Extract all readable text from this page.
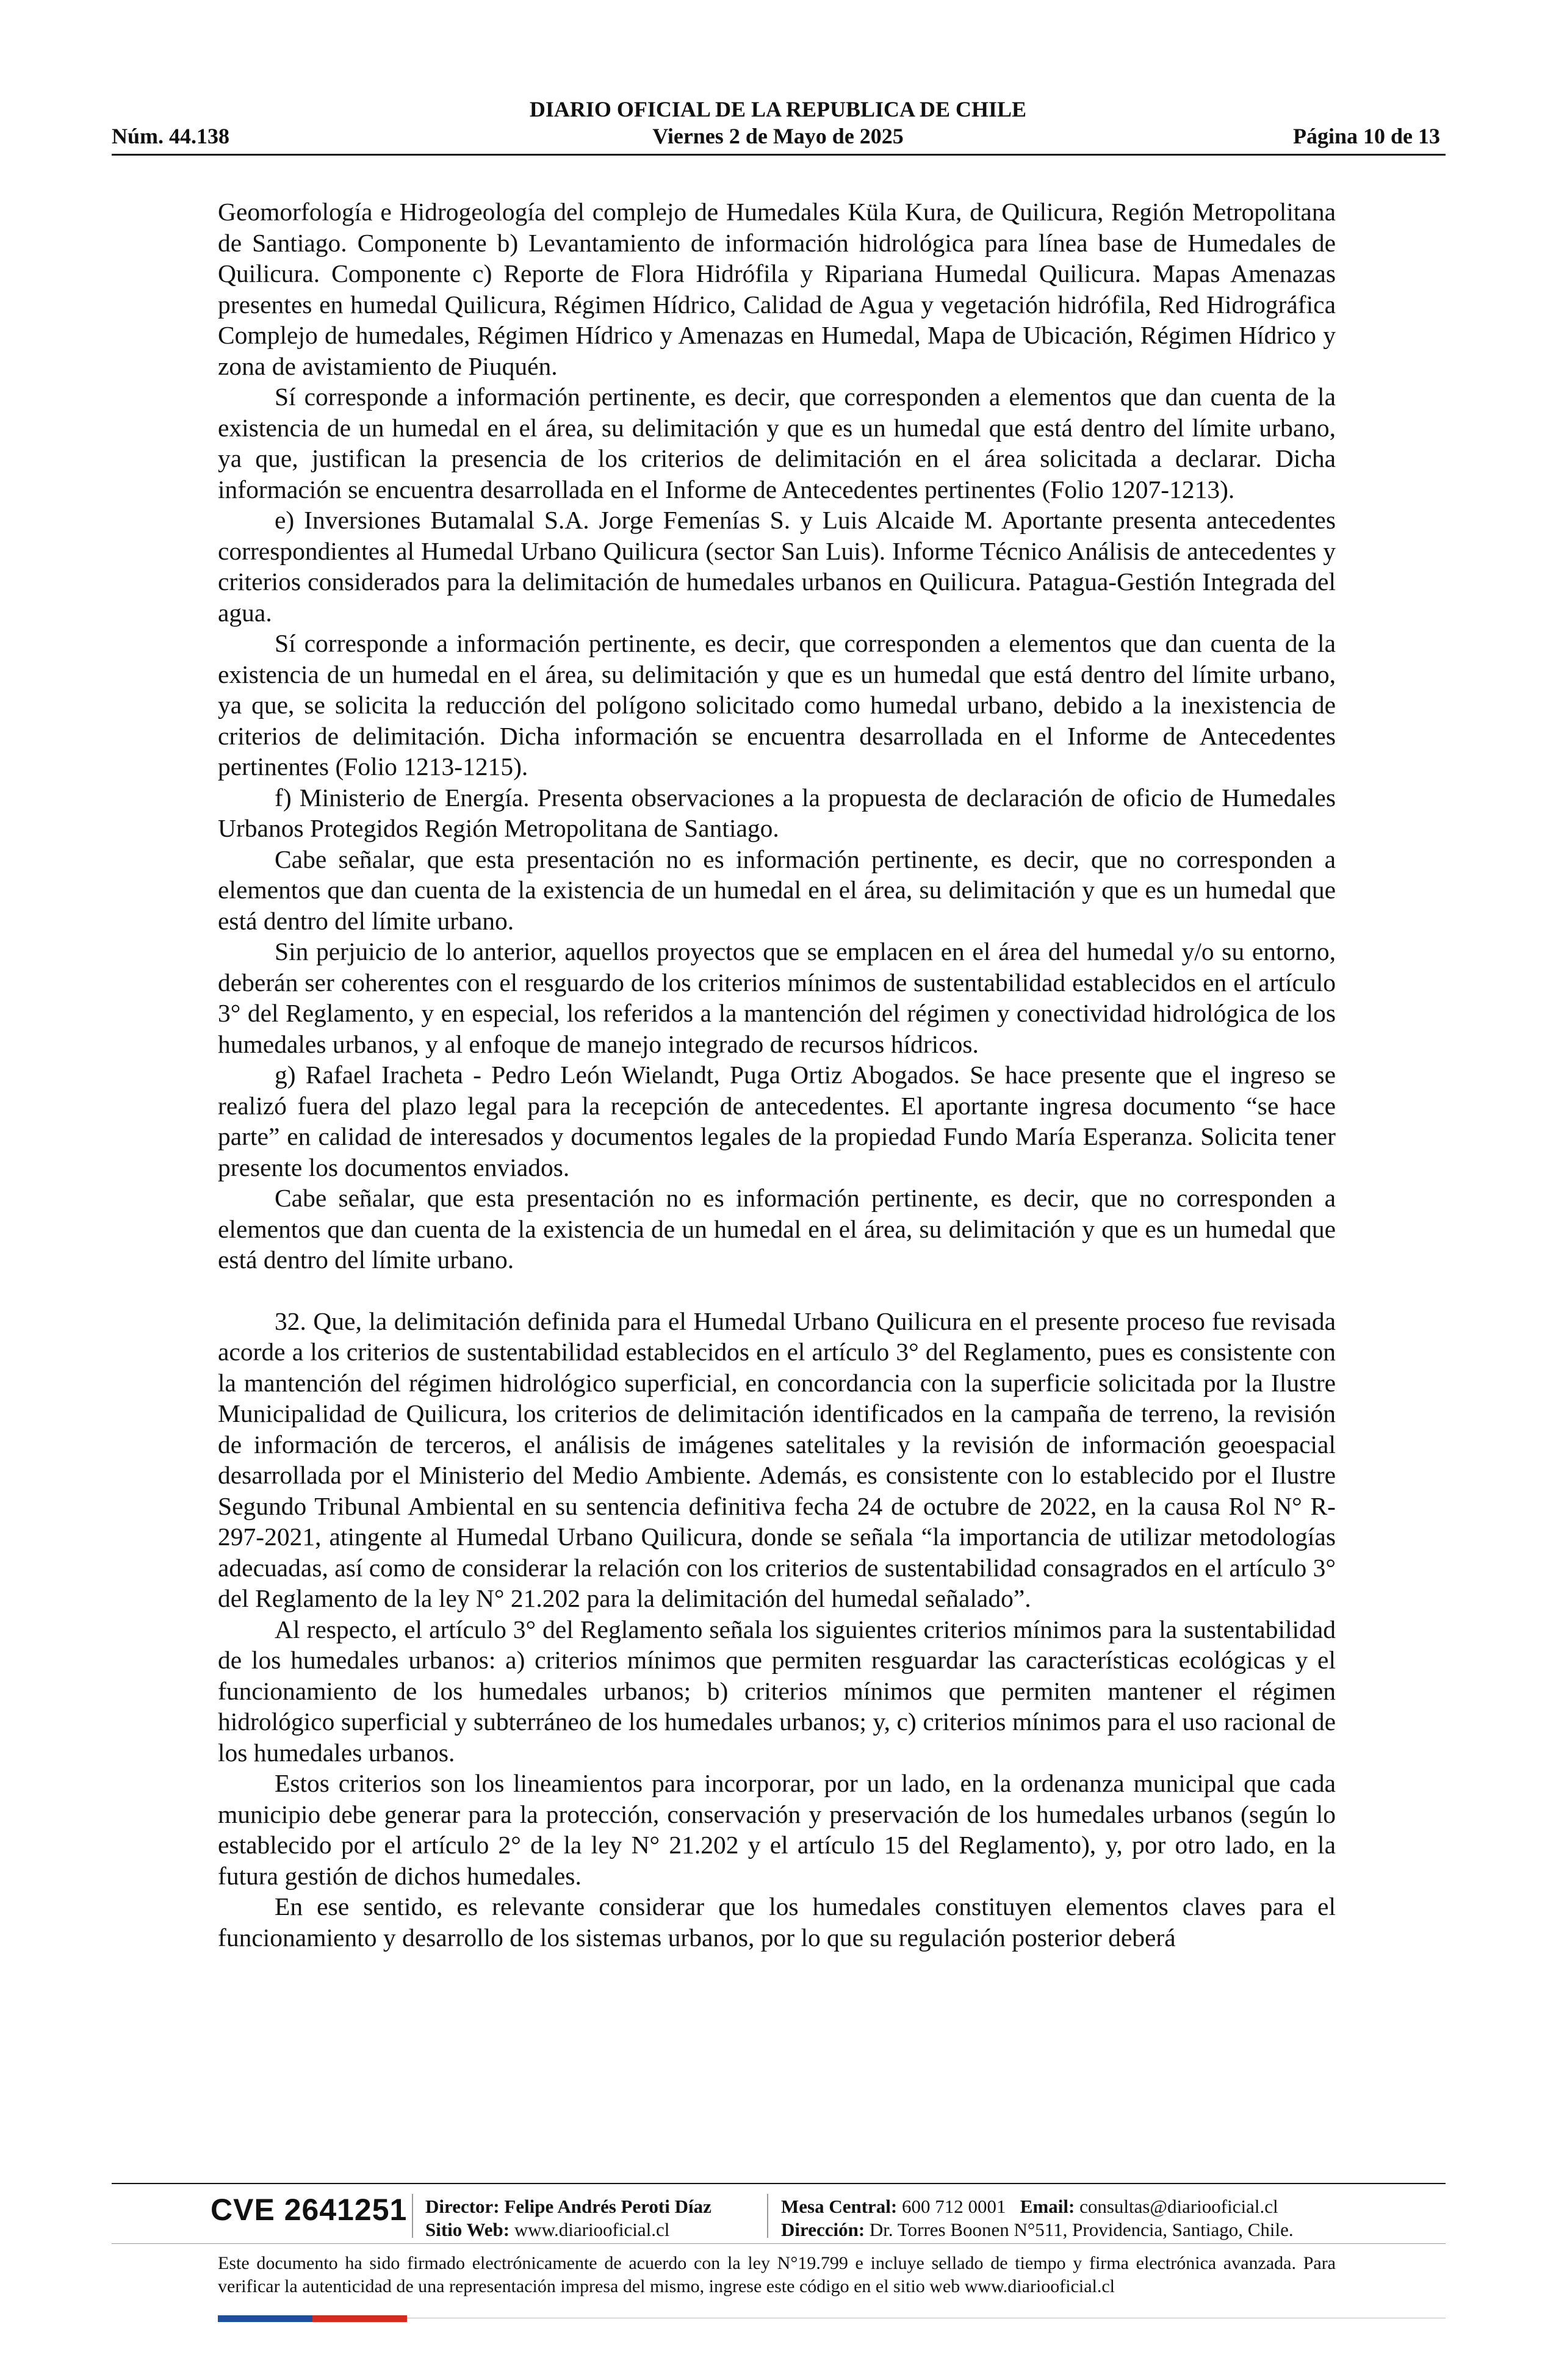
DIARIO OFICIAL DE LA REPUBLICA DE CHILE
Núm. 44.138	Viernes 2 de Mayo de 2025	Página 10 de 13

Geomorfología e Hidrogeología del complejo de Humedales Küla Kura, de Quilicura, Región Metropolitana de Santiago. Componente b) Levantamiento de información hidrológica para línea base de Humedales de Quilicura. Componente c) Reporte de Flora Hidrófila y Ripariana Humedal Quilicura. Mapas Amenazas presentes en humedal Quilicura, Régimen Hídrico, Calidad de Agua y vegetación hidrófila, Red Hidrográfica Complejo de humedales, Régimen Hídrico y Amenazas en Humedal, Mapa de Ubicación, Régimen Hídrico y zona de avistamiento de Piuquén.

Sí corresponde a información pertinente, es decir, que corresponden a elementos que dan cuenta de la existencia de un humedal en el área, su delimitación y que es un humedal que está dentro del límite urbano, ya que, justifican la presencia de los criterios de delimitación en el área solicitada a declarar. Dicha información se encuentra desarrollada en el Informe de Antecedentes pertinentes (Folio 1207-1213).

e) Inversiones Butamalal S.A. Jorge Femenías S. y Luis Alcaide M. Aportante presenta antecedentes correspondientes al Humedal Urbano Quilicura (sector San Luis). Informe Técnico Análisis de antecedentes y criterios considerados para la delimitación de humedales urbanos en Quilicura. Patagua-Gestión Integrada del agua.

Sí corresponde a información pertinente, es decir, que corresponden a elementos que dan cuenta de la existencia de un humedal en el área, su delimitación y que es un humedal que está dentro del límite urbano, ya que, se solicita la reducción del polígono solicitado como humedal urbano, debido a la inexistencia de criterios de delimitación. Dicha información se encuentra desarrollada en el Informe de Antecedentes pertinentes (Folio 1213-1215).

f) Ministerio de Energía. Presenta observaciones a la propuesta de declaración de oficio de Humedales Urbanos Protegidos Región Metropolitana de Santiago.

Cabe señalar, que esta presentación no es información pertinente, es decir, que no corresponden a elementos que dan cuenta de la existencia de un humedal en el área, su delimitación y que es un humedal que está dentro del límite urbano.

Sin perjuicio de lo anterior, aquellos proyectos que se emplacen en el área del humedal y/o su entorno, deberán ser coherentes con el resguardo de los criterios mínimos de sustentabilidad establecidos en el artículo 3° del Reglamento, y en especial, los referidos a la mantención del régimen y conectividad hidrológica de los humedales urbanos, y al enfoque de manejo integrado de recursos hídricos.

g) Rafael Iracheta - Pedro León Wielandt, Puga Ortiz Abogados. Se hace presente que el ingreso se realizó fuera del plazo legal para la recepción de antecedentes. El aportante ingresa documento “se hace parte” en calidad de interesados y documentos legales de la propiedad Fundo María Esperanza. Solicita tener presente los documentos enviados.

Cabe señalar, que esta presentación no es información pertinente, es decir, que no corresponden a elementos que dan cuenta de la existencia de un humedal en el área, su delimitación y que es un humedal que está dentro del límite urbano.

32. Que, la delimitación definida para el Humedal Urbano Quilicura en el presente proceso fue revisada acorde a los criterios de sustentabilidad establecidos en el artículo 3° del Reglamento, pues es consistente con la mantención del régimen hidrológico superficial, en concordancia con la superficie solicitada por la Ilustre Municipalidad de Quilicura, los criterios de delimitación identificados en la campaña de terreno, la revisión de información de terceros, el análisis de imágenes satelitales y la revisión de información geoespacial desarrollada por el Ministerio del Medio Ambiente. Además, es consistente con lo establecido por el Ilustre Segundo Tribunal Ambiental en su sentencia definitiva fecha 24 de octubre de 2022, en la causa Rol N° R-297-2021, atingente al Humedal Urbano Quilicura, donde se señala “la importancia de utilizar metodologías adecuadas, así como de considerar la relación con los criterios de sustentabilidad consagrados en el artículo 3° del Reglamento de la ley N° 21.202 para la delimitación del humedal señalado”.

Al respecto, el artículo 3° del Reglamento señala los siguientes criterios mínimos para la sustentabilidad de los humedales urbanos: a) criterios mínimos que permiten resguardar las características ecológicas y el funcionamiento de los humedales urbanos; b) criterios mínimos que permiten mantener el régimen hidrológico superficial y subterráneo de los humedales urbanos; y, c) criterios mínimos para el uso racional de los humedales urbanos.

Estos criterios son los lineamientos para incorporar, por un lado, en la ordenanza municipal que cada municipio debe generar para la protección, conservación y preservación de los humedales urbanos (según lo establecido por el artículo 2° de la ley N° 21.202 y el artículo 15 del Reglamento), y, por otro lado, en la futura gestión de dichos humedales.

En ese sentido, es relevante considerar que los humedales constituyen elementos claves para el funcionamiento y desarrollo de los sistemas urbanos, por lo que su regulación posterior deberá

CVE 2641251 Director: Felipe Andrés Peroti Díaz
Sitio Web: www.diariooficial.cl
Mesa Central: 600 712 0001 Email: consultas@diariooficial.cl
Dirección: Dr. Torres Boonen N°511, Providencia, Santiago, Chile.
Este documento ha sido firmado electrónicamente de acuerdo con la ley N°19.799 e incluye sellado de tiempo y firma electrónica avanzada. Para verificar la autenticidad de una representación impresa del mismo, ingrese este código en el sitio web www.diariooficial.cl
